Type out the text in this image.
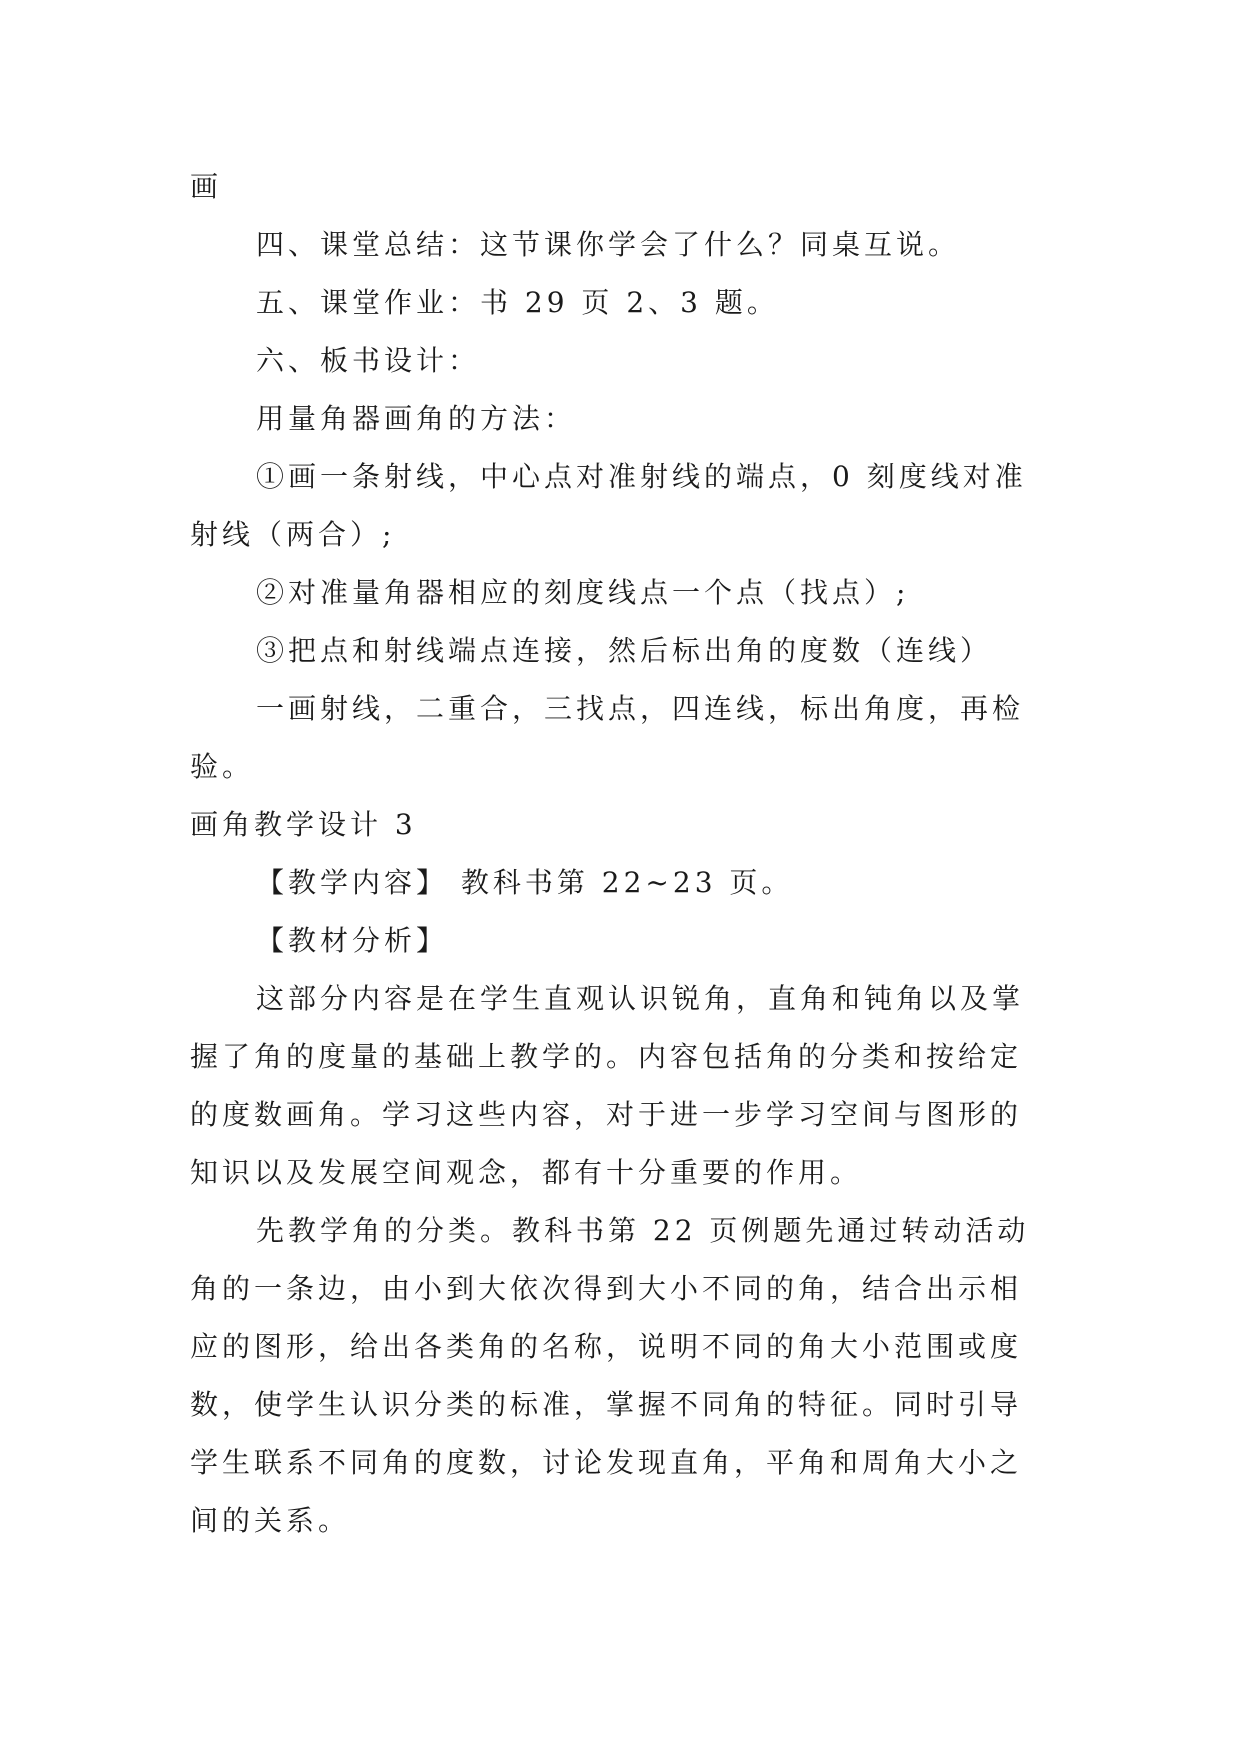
画

四、课堂总结：这节课你学会了什么？同桌互说。

五、课堂作业：书 29 页 2、3 题。

六、板书设计：

用量角器画角的方法：

①画一条射线，中心点对准射线的端点，0 刻度线对准

射线（两合）;

②对准量角器相应的刻度线点一个点（找点）;

③把点和射线端点连接，然后标出角的度数（连线）

一画射线，二重合，三找点，四连线，标出角度，再检

验。

画角教学设计 3

【教学内容】 教科书第 22~23 页。

【教材分析】

这部分内容是在学生直观认识锐角，直角和钝角以及掌

握了角的度量的基础上教学的。内容包括角的分类和按给定

的度数画角。学习这些内容，对于进一步学习空间与图形的

知识以及发展空间观念，都有十分重要的作用。

先教学角的分类。教科书第 22 页例题先通过转动活动

角的一条边，由小到大依次得到大小不同的角，结合出示相

应的图形，给出各类角的名称，说明不同的角大小范围或度

数，使学生认识分类的标准，掌握不同角的特征。同时引导

学生联系不同角的度数，讨论发现直角，平角和周角大小之

间的关系。
